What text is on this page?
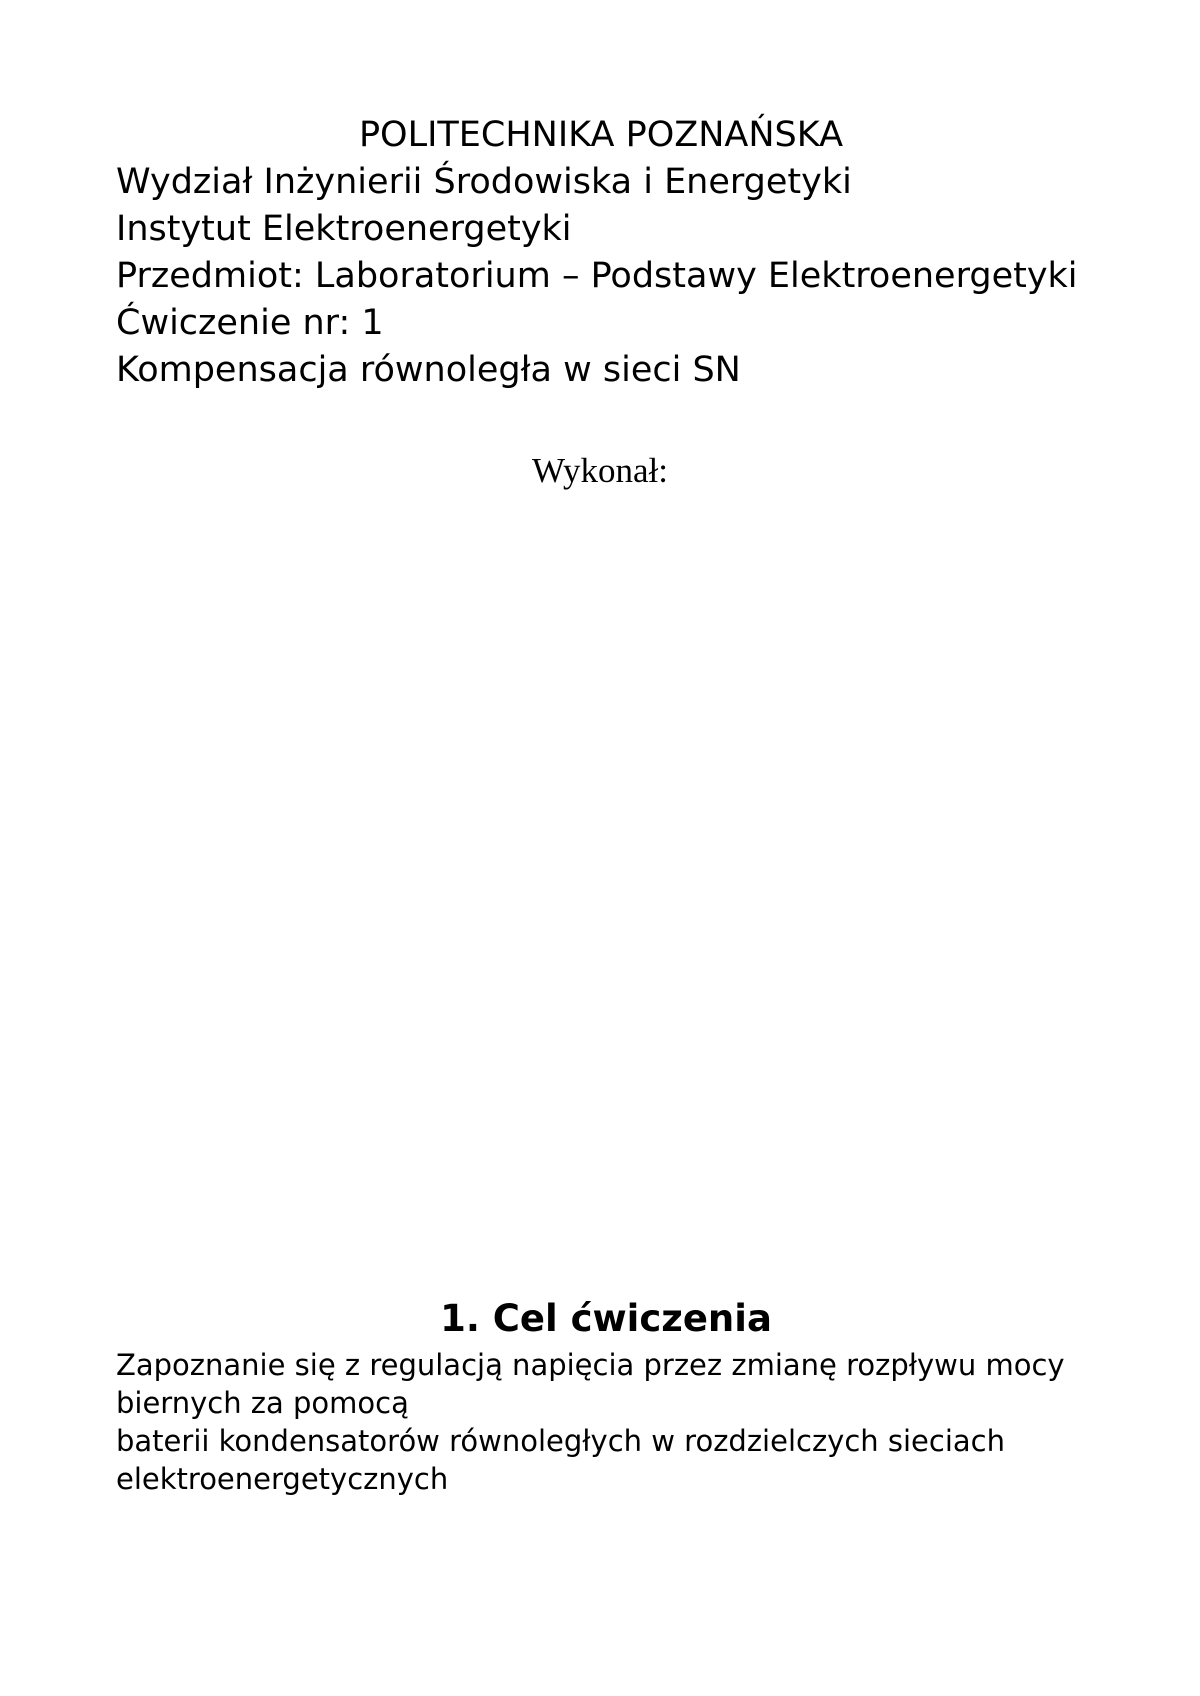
POLITECHNIKA POZNAŃSKA

Wydział Inżynierii Środowiska i Energetyki

Instytut Elektroenergetyki

Przedmiot: Laboratorium – Podstawy Elektroenergetyki

Ćwiczenie nr: 1

Kompensacja równoległa w sieci SN

Wykonał:

1. Cel ćwiczenia

Zapoznanie się z regulacją napięcia przez zmianę rozpływu mocy biernych za pomocą
baterii kondensatorów równoległych w rozdzielczych sieciach elektroenergetycznych
